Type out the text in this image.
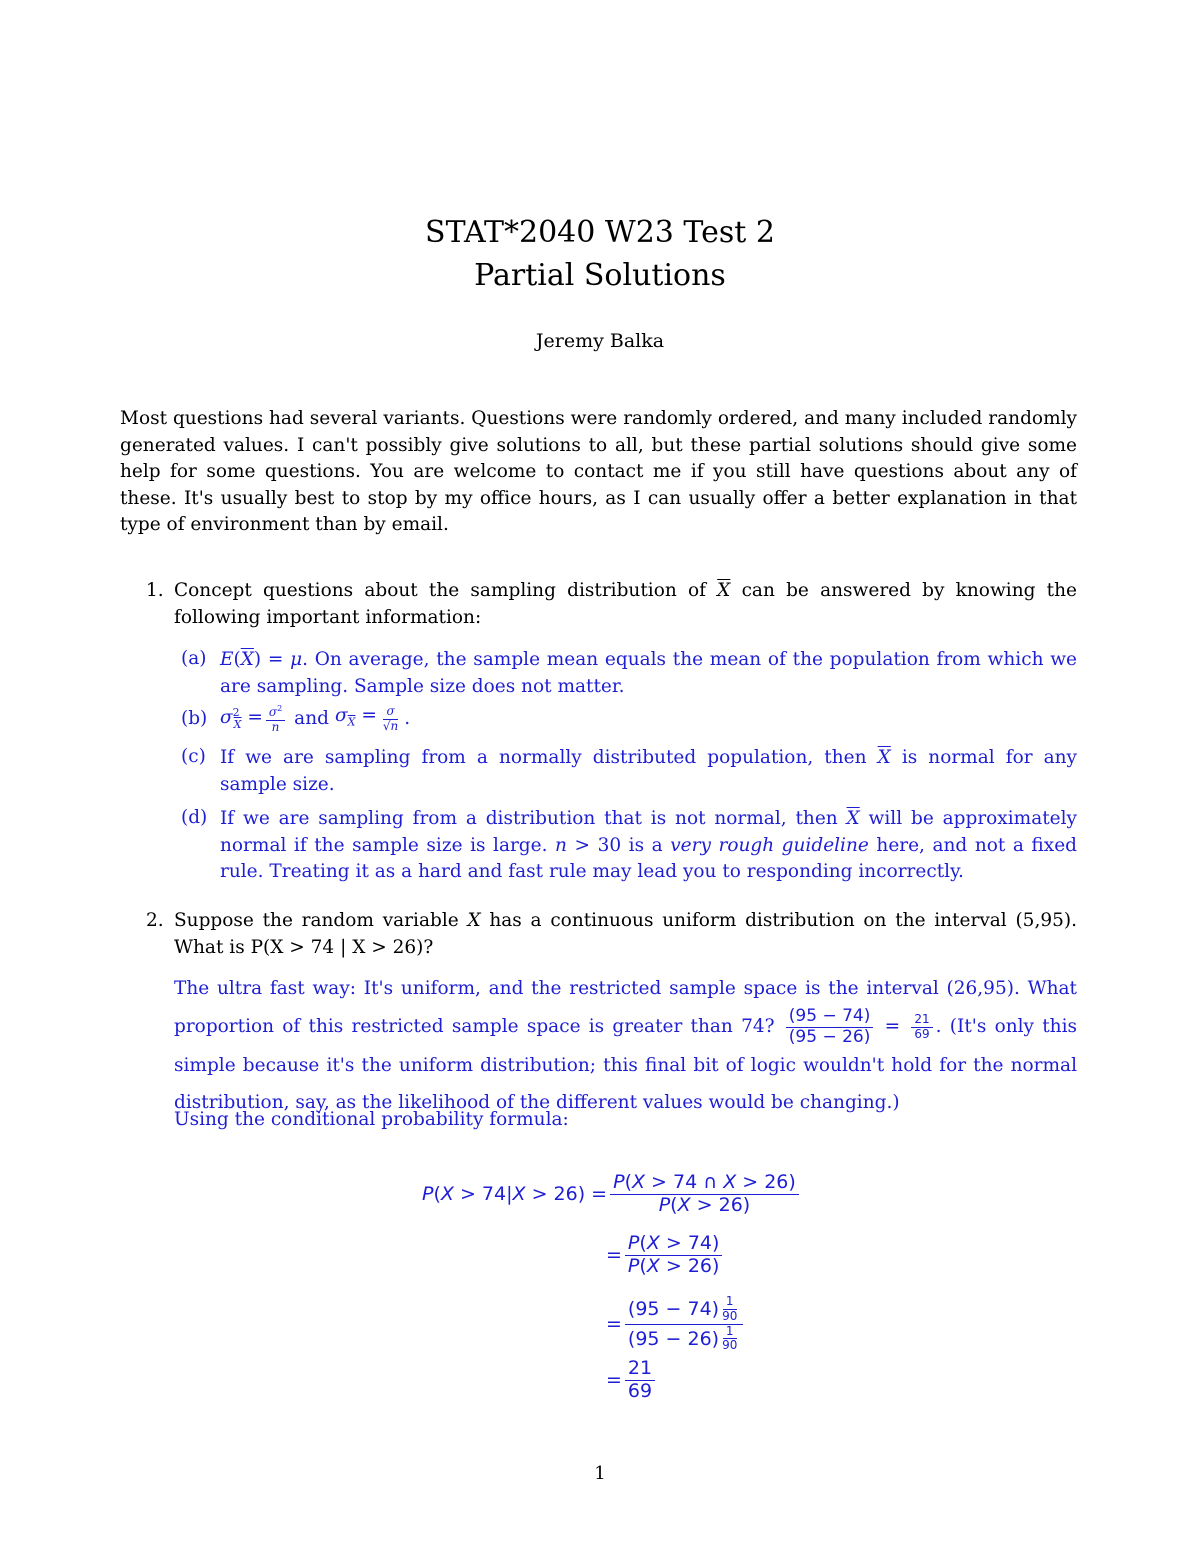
STAT*2040 W23 Test 2
Partial Solutions
Jeremy Balka
Most questions had several variants. Questions were randomly ordered, and many included randomly generated values. I can't possibly give solutions to all, but these partial solutions should give some help for some questions. You are welcome to contact me if you still have questions about any of these. It's usually best to stop by my office hours, as I can usually offer a better explanation in that type of environment than by email.
1. Concept questions about the sampling distribution of $\overline{X}$ can be answered by knowing the following important information:
(a) $E(\overline{X}) = \mu$. On average, the sample mean equals the mean of the population from which we are sampling. Sample size does not matter.
(b) $\sigma^2_{\overline{X}} = \frac{\sigma^2}{n}$ and $\sigma_{\overline{X}} = \frac{\sigma}{√n}$ .
(c) If we are sampling from a normally distributed population, then $\overline{X}$ is normal for any sample size.
(d) If we are sampling from a distribution that is not normal, then $\overline{X}$ will be approximately normal if the sample size is large. n > 30 is a very rough guideline here, and not a fixed rule. Treating it as a hard and fast rule may lead you to responding incorrectly.
2. Suppose the random variable X has a continuous uniform distribution on the interval (5,95). What is P(X > 74 | X > 26)?
The ultra fast way: It's uniform, and the restricted sample space is the interval (26,95). What proportion of this restricted sample space is greater than 74? $\frac{(95 - 74)}{(95 - 26)} = \frac{21}{69}$ . (It's only this simple because it's the uniform distribution; this final bit of logic wouldn't hold for the normal distribution, say, as the likelihood of the different values would be changing.)
Using the conditional probability formula:
$P(X > 74|X > 26) = \frac{P(X > 74 \cap X > 26)}{P(X > 26)}$
= $\frac{P(X > 74)}{P(X > 26)}$
= $\frac{(95 - 74) \frac{1}{90}}{(95 - 26) \frac{1}{90}}$
= $\frac{21}{69}$
1
